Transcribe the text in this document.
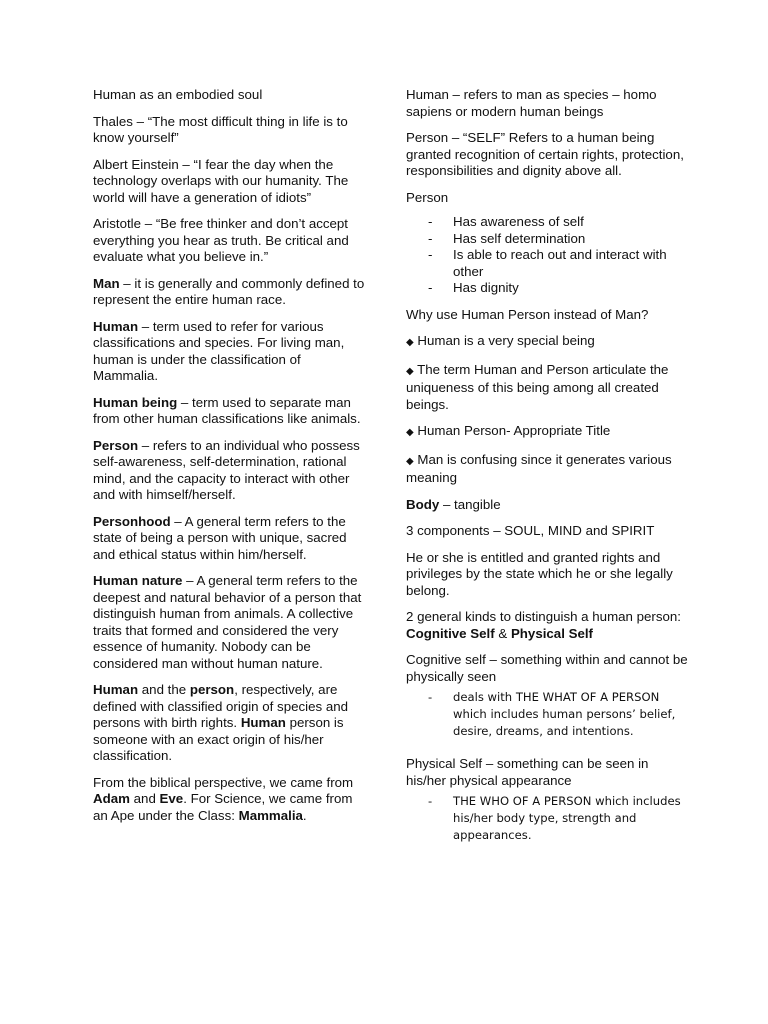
Human as an embodied soul

Thales – “The most difficult thing in life is to know yourself”

Albert Einstein – “I fear the day when the technology overlaps with our humanity. The world will have a generation of idiots”

Aristotle – “Be free thinker and don’t accept everything you hear as truth. Be critical and evaluate what you believe in.”

Man – it is generally and commonly defined to represent the entire human race.

Human – term used to refer for various classifications and species. For living man, human is under the classification of Mammalia.

Human being – term used to separate man from other human classifications like animals.

Person – refers to an individual who possess self-awareness, self-determination, rational mind, and the capacity to interact with other and with himself/herself.

Personhood – A general term refers to the state of being a person with unique, sacred and ethical status within him/herself.

Human nature – A general term refers to the deepest and natural behavior of a person that distinguish human from animals. A collective traits that formed and considered the very essence of humanity. Nobody can be considered man without human nature.

Human and the person, respectively, are defined with classified origin of species and persons with birth rights. Human person is someone with an exact origin of his/her classification.

From the biblical perspective, we came from Adam and Eve. For Science, we came from an Ape under the Class: Mammalia.

Human – refers to man as species – homo sapiens or modern human beings

Person – “SELF” Refers to a human being granted recognition of certain rights, protection, responsibilities and dignity above all.

Person

- Has awareness of self
- Has self determination
- Is able to reach out and interact with other
- Has dignity

Why use Human Person instead of Man?

◆ Human is a very special being

◆ The term Human and Person articulate the uniqueness of this being among all created beings.

◆ Human Person- Appropriate Title

◆ Man is confusing since it generates various meaning

Body – tangible

3 components – SOUL, MIND and SPIRIT

He or she is entitled and granted rights and privileges by the state which he or she legally belong.

2 general kinds to distinguish a human person: Cognitive Self & Physical Self

Cognitive self – something within and cannot be physically seen

- deals with THE WHAT OF A PERSON which includes human persons’ belief, desire, dreams, and intentions.

Physical Self – something can be seen in his/her physical appearance

- THE WHO OF A PERSON which includes his/her body type, strength and appearances.
